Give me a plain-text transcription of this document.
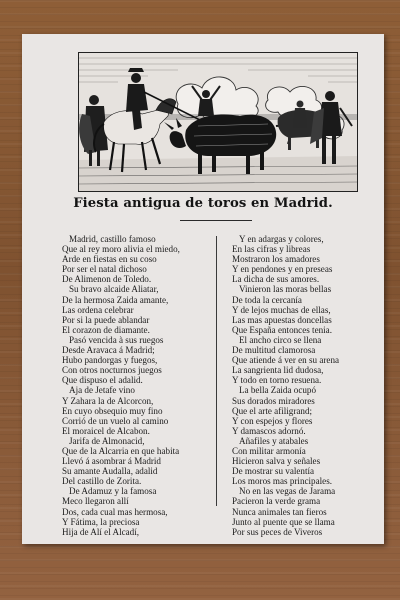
Fiesta antigua de toros en Madrid.
Madrid, castillo famoso
Que al rey moro alivia el miedo,
Arde en fiestas en su coso
Por ser el natal dichoso
De Alimenon de Toledo.
Su bravo alcaide Aliatar,
De la hermosa Zaida amante,
Las ordena celebrar
Por si la puede ablandar
El corazon de diamante.
Pasó vencida à sus ruegos
Desde Aravaca á Madrid;
Hubo pandorgas y fuegos,
Con otros nocturnos juegos
Que dispuso el adalid.
Aja de Jetafe vino
Y Zahara la de Alcorcon,
En cuyo obsequio muy fino
Corrió de un vuelo al camino
El moraicel de Alcabon.
Jarifa de Almonacid,
Que de la Alcarria en que habita
Llevó á asombrar á Madrid
Su amante Audalla, adalid
Del castillo de Zorita.
De Adamuz y la famosa
Meco llegaron allí
Dos, cada cual mas hermosa,
Y Fátima, la preciosa
Hija de Alí el Alcadí,
Y en adargas y colores,
En las cifras y libreas
Mostraron los amadores
Y en pendones y en preseas
La dicha de sus amores.
Vinieron las moras bellas
De toda la cercanía
Y de lejos muchas de ellas,
Las mas apuestas doncellas
Que España entonces tenia.
El ancho circo se llena
De multitud clamorosa
Que atiende á ver en su arena
La sangrienta lid dudosa,
Y todo en torno resuena.
La bella Zaida ocupó
Sus dorados miradores
Que el arte afiligrand;
Y con espejos y flores
Y damascos adornó.
Añafiles y atabales
Con militar armonía
Hicieron salva y señales
De mostrar su valentía
Los moros mas principales.
No en las vegas de Jarama
Pacieron la verde grama
Nunca animales tan fieros
Junto al puente que se llama
Por sus peces de Viveros
